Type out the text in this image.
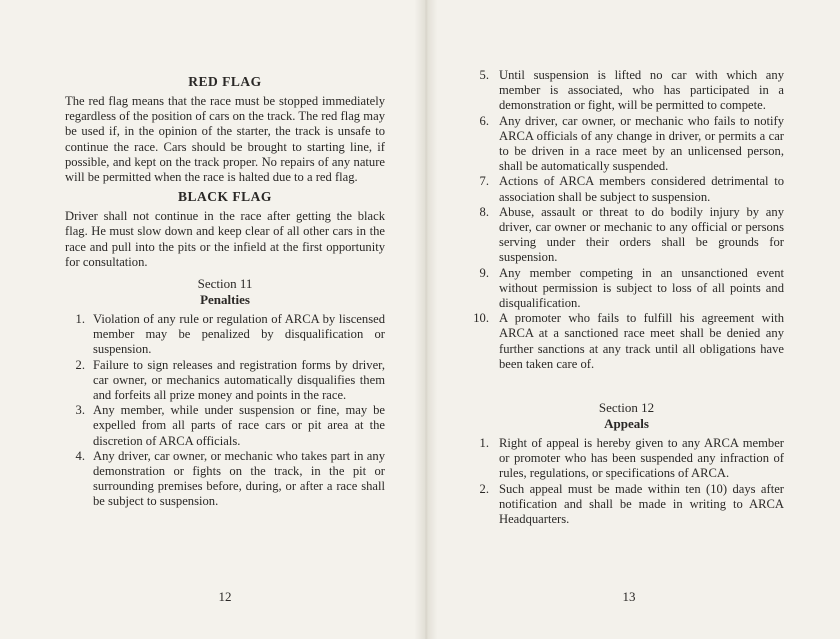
RED FLAG

The red flag means that the race must be stopped immediately regardless of the position of cars on the track. The red flag may be used if, in the opinion of the starter, the track is unsafe to continue the race. Cars should be brought to starting line, if possible, and kept on the track proper. No repairs of any nature will be permitted when the race is halted due to a red flag.

BLACK FLAG

Driver shall not continue in the race after getting the black flag. He must slow down and keep clear of all other cars in the race and pull into the pits or the infield at the first opportunity for consultation.

Section 11
Penalties
1. Violation of any rule or regulation of ARCA by liscensed member may be penalized by disqualification or suspension.
2. Failure to sign releases and registration forms by driver, car owner, or mechanics automatically disqualifies them and forfeits all prize money and points in the race.
3. Any member, while under suspension or fine, may be expelled from all parts of race cars or pit area at the discretion of ARCA officials.
4. Any driver, car owner, or mechanic who takes part in any demonstration or fights on the track, in the pit or surrounding premises before, during, or after a race shall be subject to suspension.
12
5. Until suspension is lifted no car with which any member is associated, who has participated in a demonstration or fight, will be permitted to compete.
6. Any driver, car owner, or mechanic who fails to notify ARCA officials of any change in driver, or permits a car to be driven in a race meet by an unlicensed person, shall be automatically suspended.
7. Actions of ARCA members considered detrimental to association shall be subject to suspension.
8. Abuse, assault or threat to do bodily injury by any driver, car owner or mechanic to any official or persons serving under their orders shall be grounds for suspension.
9. Any member competing in an unsanctioned event without permission is subject to loss of all points and disqualification.
10. A promoter who fails to fulfill his agreement with ARCA at a sanctioned race meet shall be denied any further sanctions at any track until all obligations have been taken care of.
Section 12
Appeals
1. Right of appeal is hereby given to any ARCA member or promoter who has been suspended any infraction of rules, regulations, or specifications of ARCA.
2. Such appeal must be made within ten (10) days after notification and shall be made in writing to ARCA Headquarters.
13
